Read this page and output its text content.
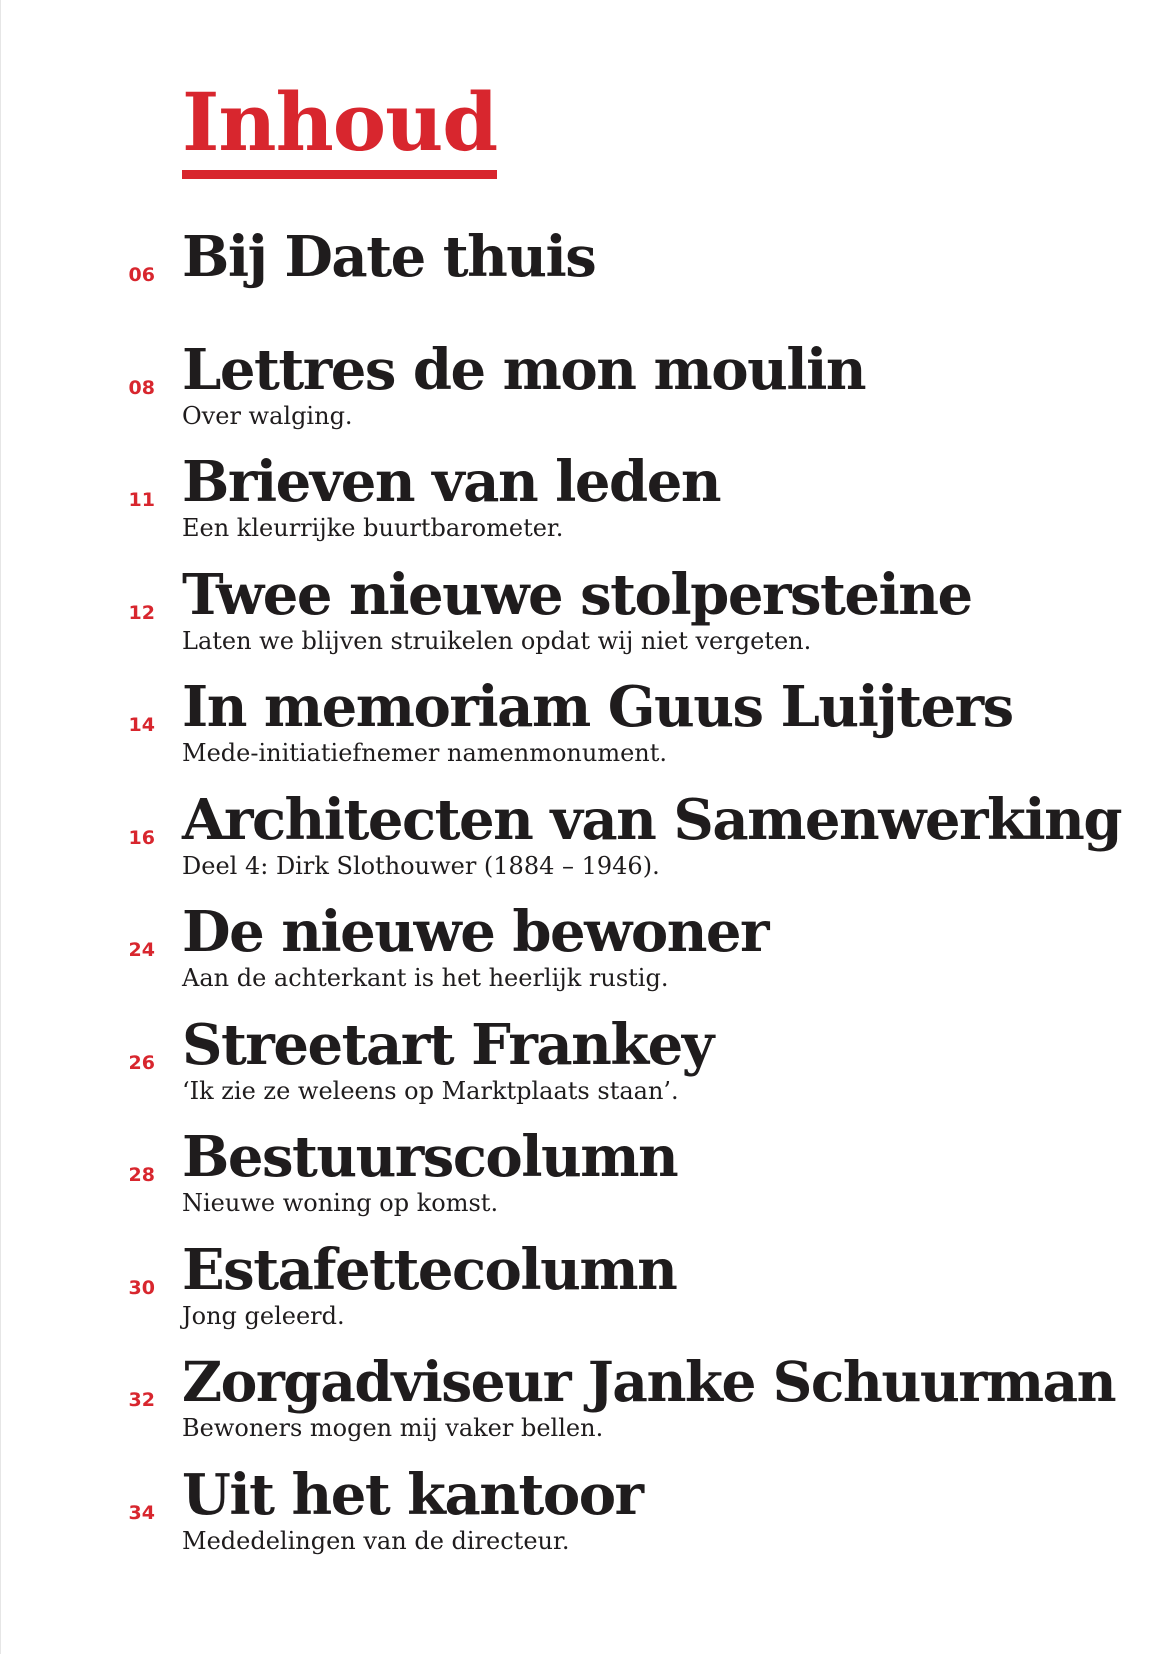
Inhoud
06 Bij Date thuis
08 Lettres de mon moulin
Over walging.
11 Brieven van leden
Een kleurrijke buurtbarometer.
12 Twee nieuwe stolpersteine
Laten we blijven struikelen opdat wij niet vergeten.
14 In memoriam Guus Luijters
Mede-initiatiefnemer namenmonument.
16 Architecten van Samenwerking
Deel 4: Dirk Slothouwer (1884 – 1946).
24 De nieuwe bewoner
Aan de achterkant is het heerlijk rustig.
26 Streetart Frankey
‘Ik zie ze weleens op Marktplaats staan’.
28 Bestuurscolumn
Nieuwe woning op komst.
30 Estafettecolumn
Jong geleerd.
32 Zorgadviseur Janke Schuurman
Bewoners mogen mij vaker bellen.
34 Uit het kantoor
Mededelingen van de directeur.
